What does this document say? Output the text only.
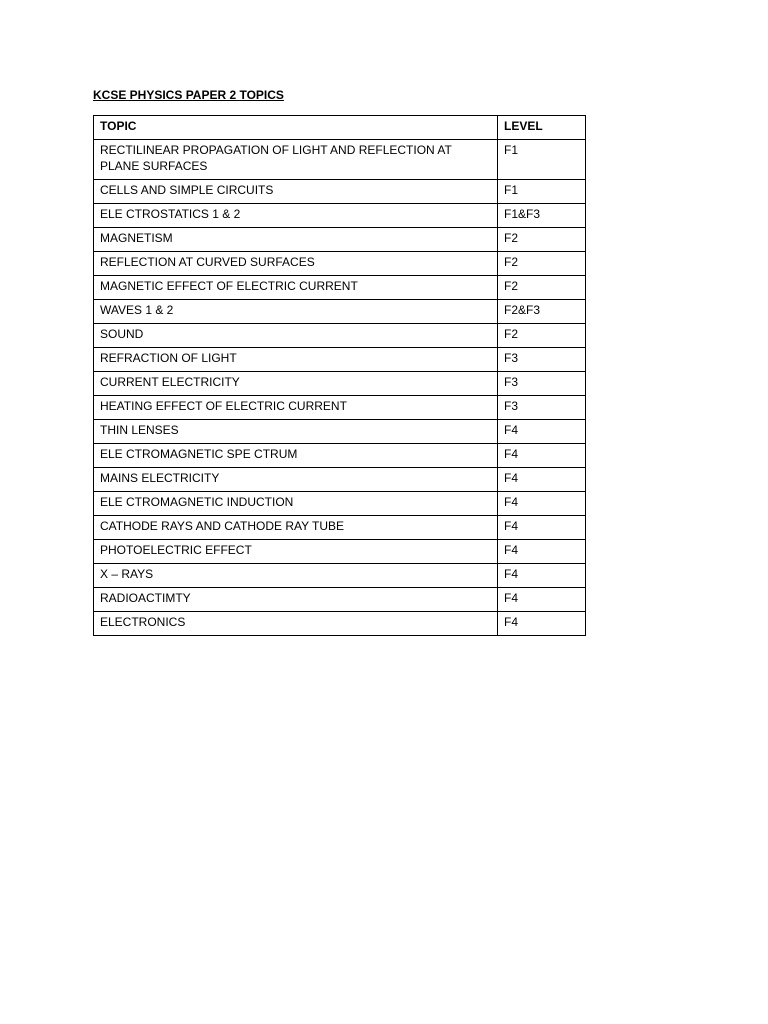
KCSE PHYSICS PAPER 2 TOPICS
TOPIC	LEVEL
RECTILINEAR PROPAGATION OF LIGHT AND REFLECTION AT PLANE SURFACES	F1
CELLS AND SIMPLE CIRCUITS	F1
ELE CTROSTATICS 1 & 2	F1&F3
MAGNETISM	F2
REFLECTION AT CURVED SURFACES	F2
MAGNETIC EFFECT OF ELECTRIC CURRENT	F2
WAVES 1 & 2	F2&F3
SOUND	F2
REFRACTION OF LIGHT	F3
CURRENT ELECTRICITY	F3
HEATING EFFECT OF ELECTRIC CURRENT	F3
THIN LENSES	F4
ELE CTROMAGNETIC SPE CTRUM	F4
MAINS ELECTRICITY	F4
ELE CTROMAGNETIC INDUCTION	F4
CATHODE RAYS AND CATHODE RAY TUBE	F4
PHOTOELECTRIC EFFECT	F4
X – RAYS	F4
RADIOACTIMTY	F4
ELECTRONICS	F4
